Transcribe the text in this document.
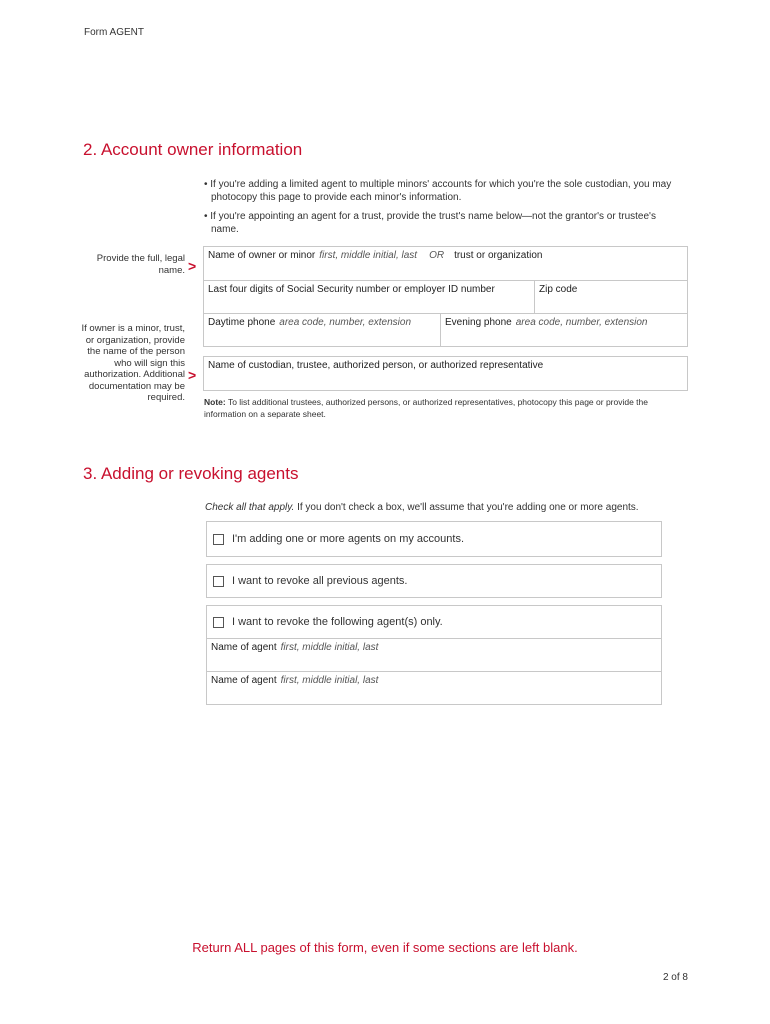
Form AGENT
2. Account owner information

• If you're adding a limited agent to multiple minors' accounts for which you're the sole custodian, you may photocopy this page to provide each minor's information.

• If you're appointing an agent for a trust, provide the trust's name below—not the grantor's or trustee's name.

Provide the full, legal name. >
If owner is a minor, trust, or organization, provide the name of the person who will sign this authorization. Additional documentation may be required.
>
Name of owner or minor first, middle initial, last OR trust or organization
Last four digits of Social Security number or employer ID number	Zip code
Daytime phone area code, number, extension	Evening phone area code, number, extension
Name of custodian, trustee, authorized person, or authorized representative
Note: To list additional trustees, authorized persons, or authorized representatives, photocopy this page or provide the information on a separate sheet.
3. Adding or revoking agents
Check all that apply. If you don't check a box, we'll assume that you're adding one or more agents.
I'm adding one or more agents on my accounts.
I want to revoke all previous agents.
I want to revoke the following agent(s) only.
Name of agent first, middle initial, last
Name of agent first, middle initial, last
Return ALL pages of this form, even if some sections are left blank.
2 of 8
